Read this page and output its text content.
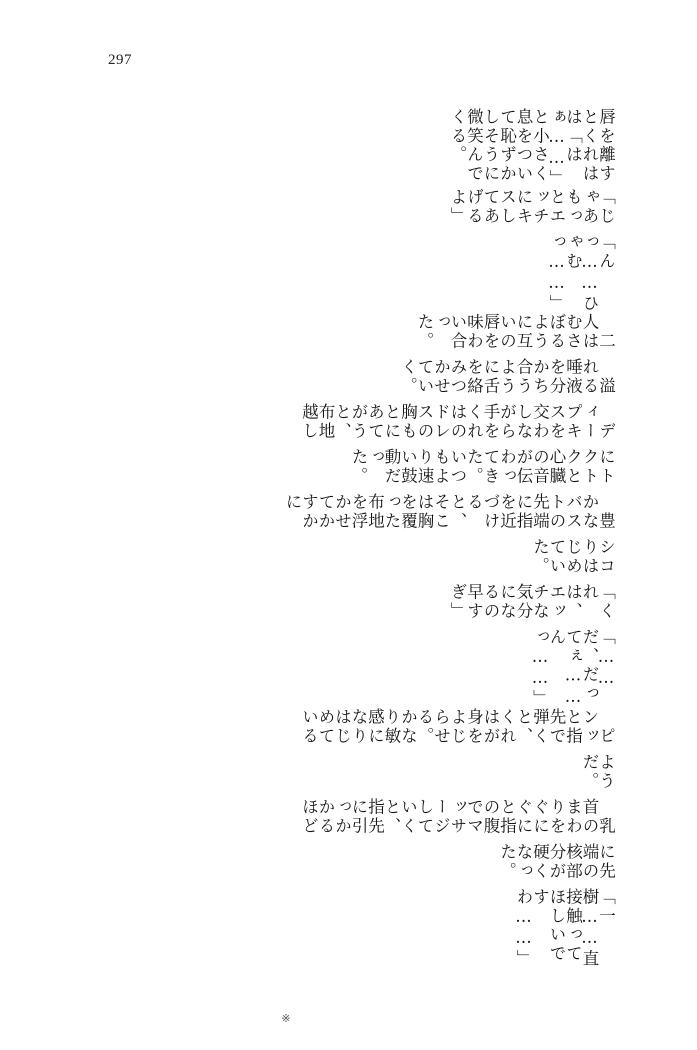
297
唇を離すとくれはは「はぁ……」と小さく息をついて恥ずかしそうに微笑んでくる。
「じゃあもっとエッチにキスしてあげるよ」
「んっ……ひゃむっ……」
　二人はむさぼるように互いの唇を味わい合った。
　溢れる唾液を分かち合うように舌を絡みつかせていく。
　ディープキスを交わしながら手をくれはのドレスの胸もとにあてがうと、布地越し
にトクトクと心臓の音が伝わってきた。いつもより速い鼓動だった。
　豊かなバストの先端に指を近づけると、そこは胸を覆った布地を浮かせてかすかに
シコりはじめていた。
「くれは、エッチな気分になるの早すぎ」
「……だ、だってぇ……んっ……」
　ピンッと指先で弾くと、くれはが身をよじらせる。かなり敏感になりはじめている
ようだ。
　乳首のまわりをぐにぐにと指の腹でマッサージしていくと、指先に引っかかるほど
に先端の核部分が硬くなった。
「一樹……直接触ってほしいですわ……」
※
